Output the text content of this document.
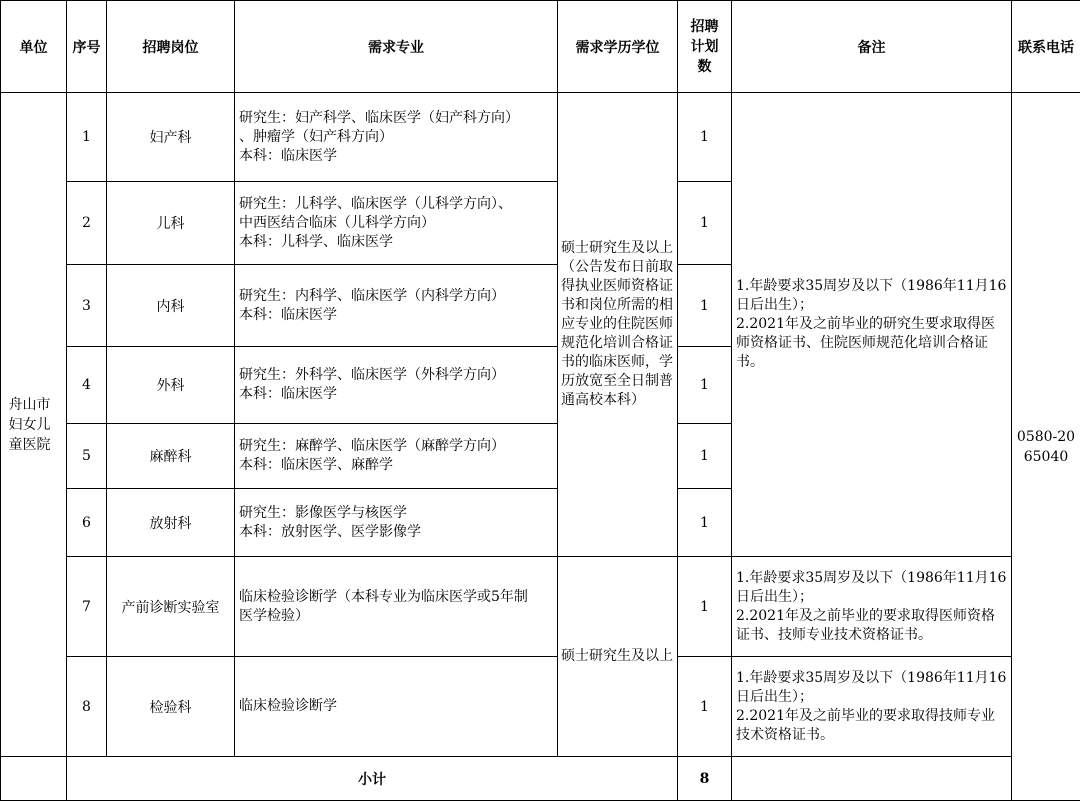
单位	序号	招聘岗位	需求专业	需求学历学位	招聘计划数	备注	联系电话
舟山市妇女儿童医院	1	妇产科	研究生：妇产科学、临床医学（妇产科方向）
、肿瘤学（妇产科方向）
本科：临床医学	硕士研究生及以上（公告发布日前取得执业医师资格证书和岗位所需的相应专业的住院医师规范化培训合格证书的临床医师，学历放宽至全日制普通高校本科）	1	1.年龄要求35周岁及以下（1986年11月16日后出生）；
2.2021年及之前毕业的研究生要求取得医师资格证书、住院医师规范化培训合格证书。	0580-2065040
	2	儿科	研究生：儿科学、临床医学（儿科学方向）、
中西医结合临床（儿科学方向）
本科：儿科学、临床医学		1		
	3	内科	研究生：内科学、临床医学（内科学方向）
本科：临床医学		1		
	4	外科	研究生：外科学、临床医学（外科学方向）
本科：临床医学		1		
	5	麻醉科	研究生：麻醉学、临床医学（麻醉学方向）
本科：临床医学、麻醉学		1		
	6	放射科	研究生：影像医学与核医学
本科：放射医学、医学影像学		1		
	7	产前诊断实验室	临床检验诊断学（本科专业为临床医学或5年制
医学检验）	硕士研究生及以上	1	1.年龄要求35周岁及以下（1986年11月16日后出生）；
2.2021年及之前毕业的要求取得医师资格证书、技师专业技术资格证书。	

	8	检验科	临床检验诊断学		1	1.年龄要求35周岁及以下（1986年11月16日后出生）；
2.2021年及之前毕业的要求取得技师专业技术资格证书。	

	小计				8		
